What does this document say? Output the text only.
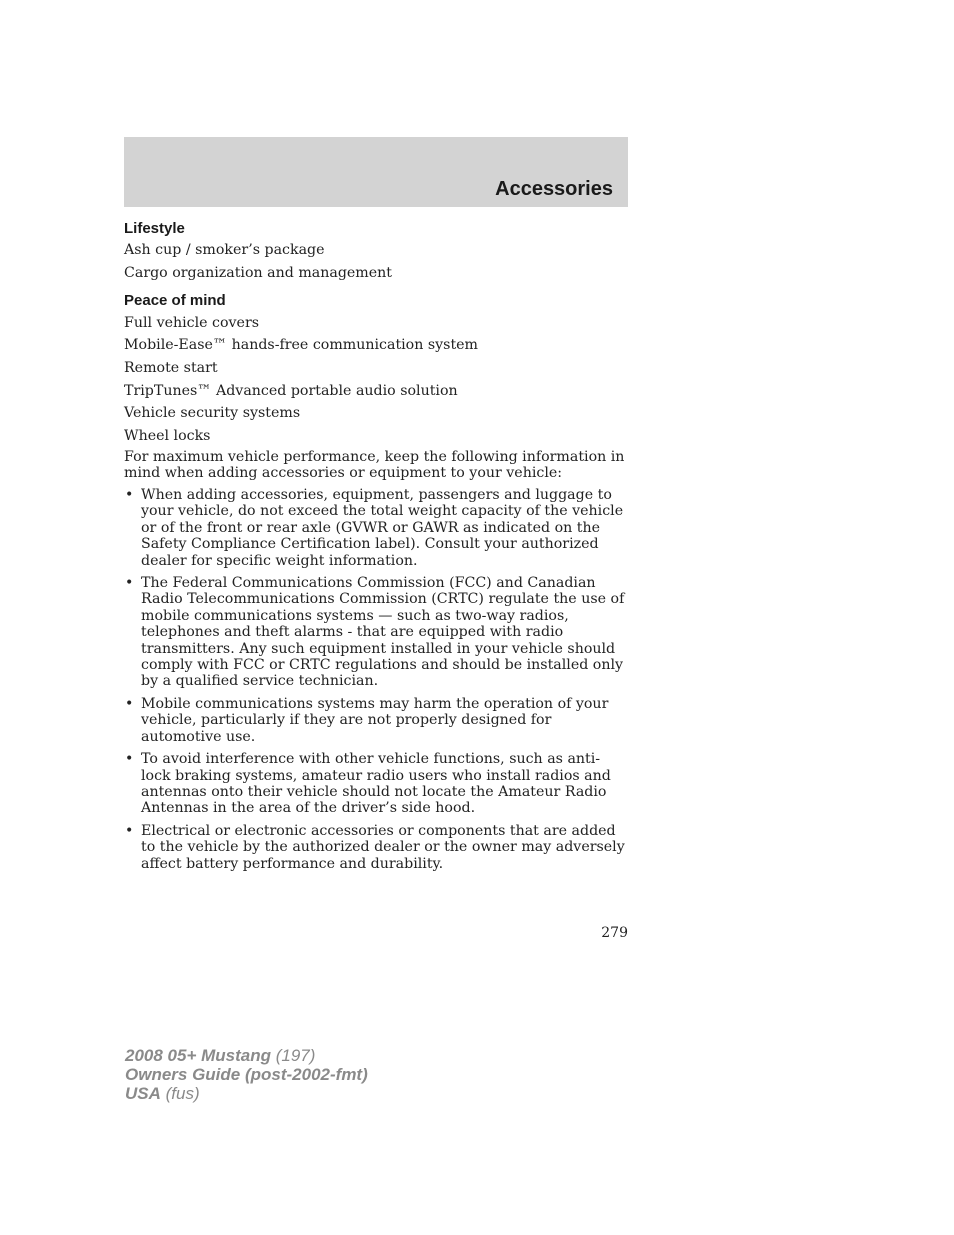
Accessories
Lifestyle

Ash cup / smoker’s package

Cargo organization and management

Peace of mind

Full vehicle covers

Mobile-Ease™ hands-free communication system

Remote start

TripTunes™ Advanced portable audio solution

Vehicle security systems

Wheel locks

For maximum vehicle performance, keep the following information in mind when adding accessories or equipment to your vehicle:

• When adding accessories, equipment, passengers and luggage to your vehicle, do not exceed the total weight capacity of the vehicle or of the front or rear axle (GVWR or GAWR as indicated on the Safety Compliance Certification label). Consult your authorized dealer for specific weight information.
• The Federal Communications Commission (FCC) and Canadian Radio Telecommunications Commission (CRTC) regulate the use of mobile communications systems — such as two-way radios, telephones and theft alarms - that are equipped with radio transmitters. Any such equipment installed in your vehicle should comply with FCC or CRTC regulations and should be installed only by a qualified service technician.
• Mobile communications systems may harm the operation of your vehicle, particularly if they are not properly designed for automotive use.
• To avoid interference with other vehicle functions, such as anti-lock braking systems, amateur radio users who install radios and antennas onto their vehicle should not locate the Amateur Radio Antennas in the area of the driver’s side hood.
• Electrical or electronic accessories or components that are added to the vehicle by the authorized dealer or the owner may adversely affect battery performance and durability.

279

2008 05+ Mustang (197)
Owners Guide (post-2002-fmt)
USA (fus)
